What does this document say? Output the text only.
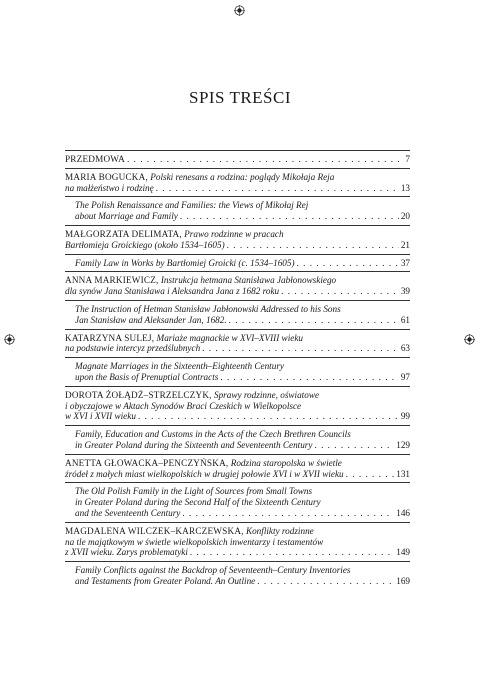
SPIS TREŚCI
PRZEDMOWA . . .	7
MARIA BOGUCKA, Polski renesans a rodzina: poglądy Mikołaja Reja
na małżeństwo i rodzinę . . .	13
The Polish Renaissance and Families: the Views of Mikołaj Rej
about Marriage and Family . . .	20
MAŁGORZATA DELIMATA, Prawo rodzinne w pracach
Bartłomieja Groickiego (około 1534–1605) . . .	21
Family Law in Works by Bartłomiej Groicki (c. 1534–1605) . . .	37
ANNA MARKIEWICZ, Instrukcja hetmana Stanisława Jabłonowskiego
dla synów Jana Stanisława i Aleksandra Jana z 1682 roku . . .	39
The Instruction of Hetman Stanisław Jabłonowski Addressed to his Sons
Jan Stanisław and Aleksander Jan, 1682. . . .	61
KATARZYNA SULEJ, Mariaże magnackie w XVI–XVIII wieku
na podstawie intercyz przedślubnych . . .	63
Magnate Marriages in the Sixteenth–Eighteenth Century
upon the Basis of Prenuptial Contracts . . .	97
DOROTA ŻOŁĄDŹ–STRZELCZYK, Sprawy rodzinne, oświatowe
i obyczajowe w Aktach Synodów Braci Czeskich w Wielkopolsce
w XVI i XVII wieku . . .	99
Family, Education and Customs in the Acts of the Czech Brethren Councils
in Greater Poland during the Sixteenth and Seventeenth Century . . .	129
ANETTA GŁOWACKA–PENCZYŃSKA, Rodzina staropolska w świetle
źródeł z małych miast wielkopolskich w drugiej połowie XVI i w XVII wieku . . .	131
The Old Polish Family in the Light of Sources from Small Towns
in Greater Poland during the Second Half of the Sixteenth Century
and the Seventeenth Century . . .	146
MAGDALENA WILCZEK–KARCZEWSKA, Konflikty rodzinne
na tle majątkowym w świetle wielkopolskich inwentarzy i testamentów
z XVII wieku. Zarys problematyki . . .	149
Family Conflicts against the Backdrop of Seventeenth–Century Inventories
and Testaments from Greater Poland. An Outline . . .	169
